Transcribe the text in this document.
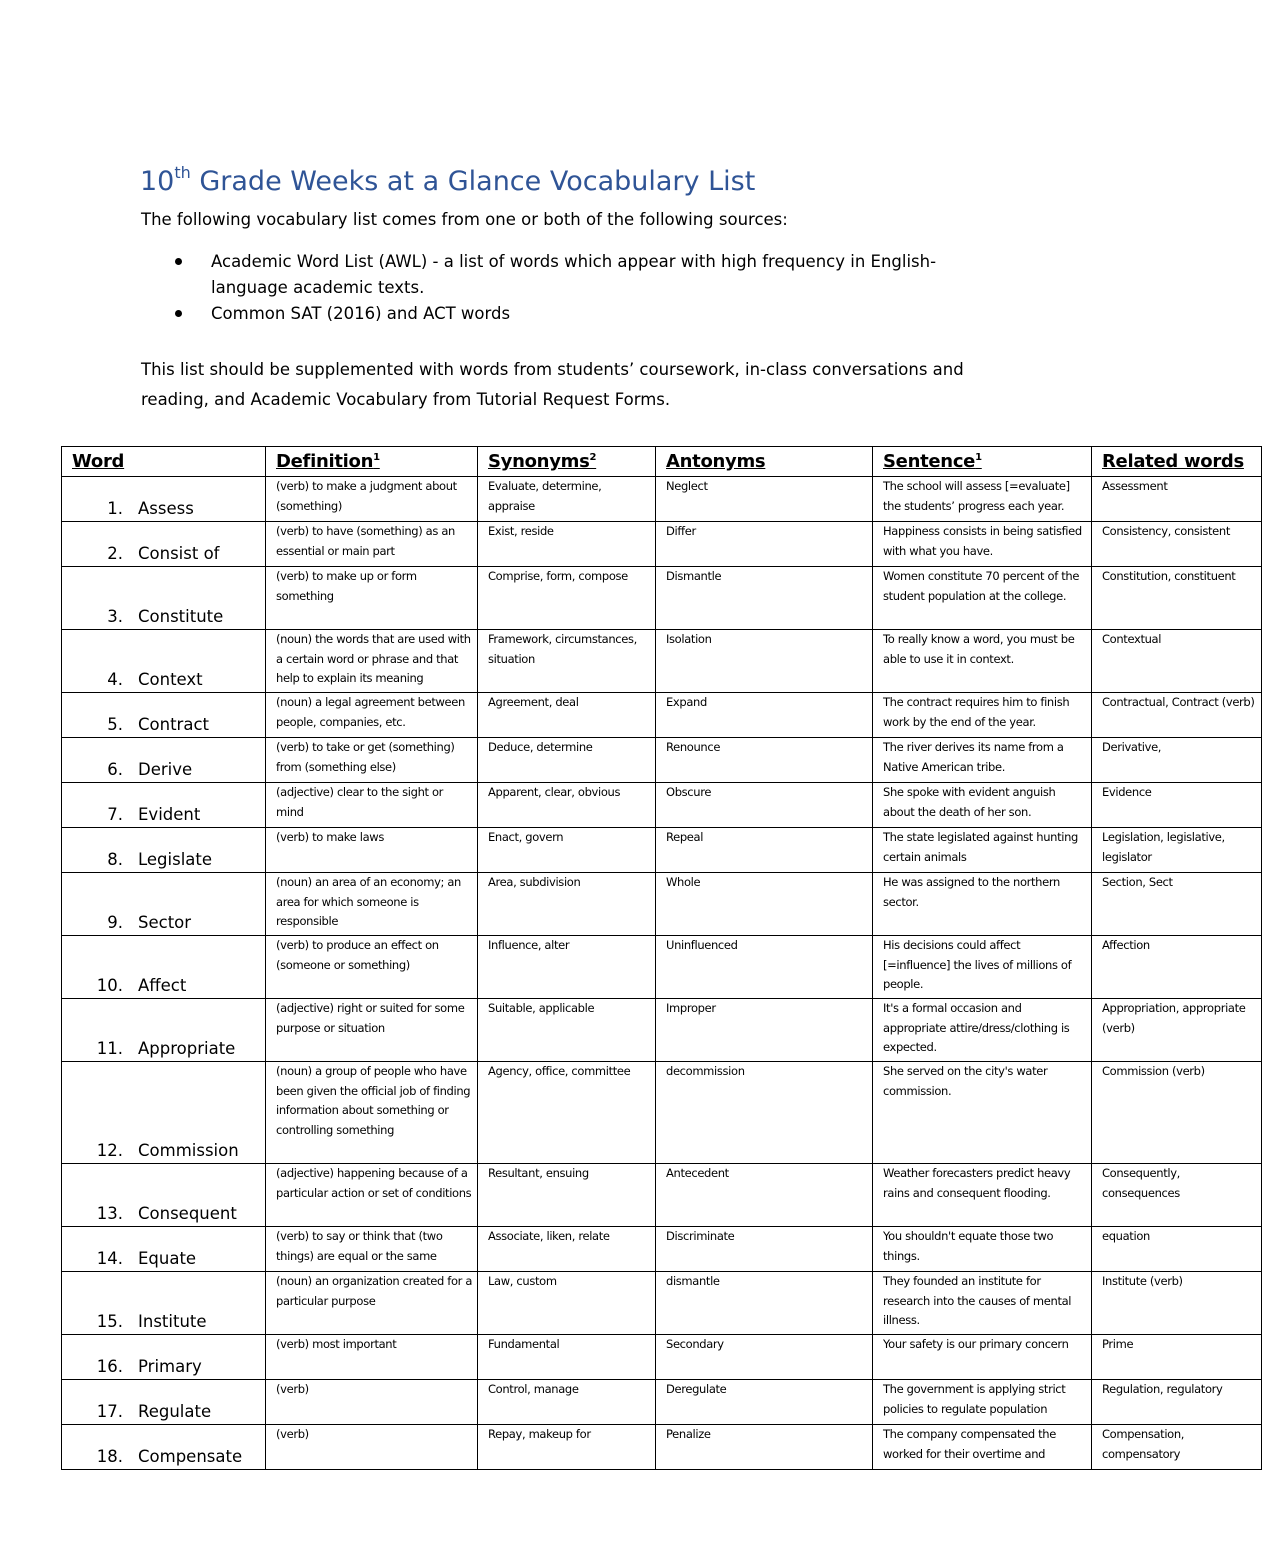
10th Grade Weeks at a Glance Vocabulary List
The following vocabulary list comes from one or both of the following sources:
Academic Word List (AWL) - a list of words which appear with high frequency in English-
language academic texts.
Common SAT (2016) and ACT words
This list should be supplemented with words from students’ coursework, in-class conversations and
reading, and Academic Vocabulary from Tutorial Request Forms.
Word	Definition$^1$	Synonyms$^2$	Antonyms	Sentence$^1$	Related words

1. Assess	(verb) to make a judgment about (something)	Evaluate, determine, appraise	Neglect	The school will assess [=evaluate] the students’ progress each year.	Assessment

2. Consist of	(verb) to have (something) as an essential or main part	Exist, reside	Differ	Happiness consists in being satisfied with what you have.	Consistency, consistent

3. Constitute	(verb) to make up or form something	Comprise, form, compose	Dismantle	Women constitute 70 percent of the student population at the college.	Constitution, constituent

4. Context	(noun) the words that are used with a certain word or phrase and that help to explain its meaning	Framework, circumstances, situation	Isolation	To really know a word, you must be able to use it in context.	Contextual

5. Contract	(noun) a legal agreement between people, companies, etc.	Agreement, deal	Expand	The contract requires him to finish work by the end of the year.	Contractual, Contract (verb)

6. Derive	(verb) to take or get (something) from (something else)	Deduce, determine	Renounce	The river derives its name from a Native American tribe.	Derivative,

7. Evident	(adjective) clear to the sight or mind	Apparent, clear, obvious	Obscure	She spoke with evident anguish about the death of her son.	Evidence

8. Legislate	(verb) to make laws	Enact, govern	Repeal	The state legislated against hunting certain animals	Legislation, legislative, legislator

9. Sector	(noun) an area of an economy; an area for which someone is responsible	Area, subdivision	Whole	He was assigned to the northern sector.	Section, Sect

10. Affect	(verb) to produce an effect on (someone or something)	Influence, alter	Uninfluenced	His decisions could affect [=influence] the lives of millions of people.	Affection

11. Appropriate	(adjective) right or suited for some purpose or situation	Suitable, applicable	Improper	It's a formal occasion and appropriate attire/dress/clothing is expected.	Appropriation, appropriate (verb)

12. Commission	(noun) a group of people who have been given the official job of finding information about something or controlling something	Agency, office, committee	decommission	She served on the city's water commission.	Commission (verb)

13. Consequent	(adjective) happening because of a particular action or set of conditions	Resultant, ensuing	Antecedent	Weather forecasters predict heavy rains and consequent flooding.	Consequently, consequences

14. Equate	(verb) to say or think that (two things) are equal or the same	Associate, liken, relate	Discriminate	You shouldn't equate those two things.	equation

15. Institute	(noun) an organization created for a particular purpose	Law, custom	dismantle	They founded an institute for research into the causes of mental illness.	Institute (verb)

16. Primary	(verb) most important	Fundamental	Secondary	Your safety is our primary concern	Prime

17. Regulate	(verb)	Control, manage	Deregulate	The government is applying strict policies to regulate population	Regulation, regulatory

18. Compensate	(verb)	Repay, makeup for	Penalize	The company compensated the worked for their overtime and	Compensation, compensatory
